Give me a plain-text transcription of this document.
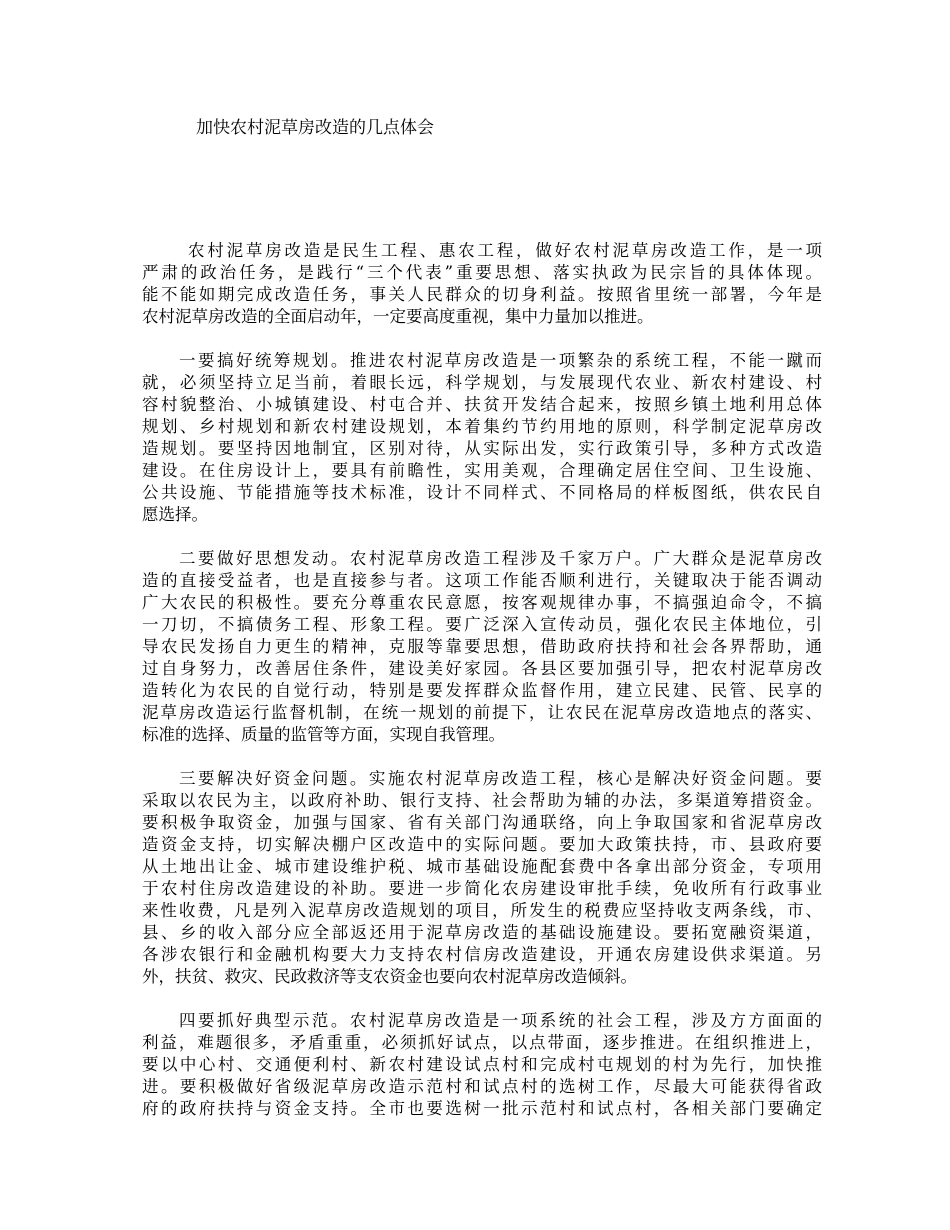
加快农村泥草房改造的几点体会

农村泥草房改造是民生工程、惠农工程，做好农村泥草房改造工作，是一项
严肃的政治任务，是践行“三个代表”重要思想、落实执政为民宗旨的具体体现。
能不能如期完成改造任务，事关人民群众的切身利益。按照省里统一部署，今年是
农村泥草房改造的全面启动年，一定要高度重视，集中力量加以推进。

一要搞好统筹规划。推进农村泥草房改造是一项繁杂的系统工程，不能一蹴而
就，必须坚持立足当前，着眼长远，科学规划，与发展现代农业、新农村建设、村
容村貌整治、小城镇建设、村屯合并、扶贫开发结合起来，按照乡镇土地利用总体
规划、乡村规划和新农村建设规划，本着集约节约用地的原则，科学制定泥草房改
造规划。要坚持因地制宜，区别对待，从实际出发，实行政策引导，多种方式改造
建设。在住房设计上，要具有前瞻性，实用美观，合理确定居住空间、卫生设施、
公共设施、节能措施等技术标准，设计不同样式、不同格局的样板图纸，供农民自
愿选择。

二要做好思想发动。农村泥草房改造工程涉及千家万户。广大群众是泥草房改
造的直接受益者，也是直接参与者。这项工作能否顺利进行，关键取决于能否调动
广大农民的积极性。要充分尊重农民意愿，按客观规律办事，不搞强迫命令，不搞
一刀切，不搞债务工程、形象工程。要广泛深入宣传动员，强化农民主体地位，引
导农民发扬自力更生的精神，克服等靠要思想，借助政府扶持和社会各界帮助，通
过自身努力，改善居住条件，建设美好家园。各县区要加强引导，把农村泥草房改
造转化为农民的自觉行动，特别是要发挥群众监督作用，建立民建、民管、民享的
泥草房改造运行监督机制，在统一规划的前提下，让农民在泥草房改造地点的落实、
标准的选择、质量的监管等方面，实现自我管理。

三要解决好资金问题。实施农村泥草房改造工程，核心是解决好资金问题。要
采取以农民为主，以政府补助、银行支持、社会帮助为辅的办法，多渠道筹措资金。
要积极争取资金，加强与国家、省有关部门沟通联络，向上争取国家和省泥草房改
造资金支持，切实解决棚户区改造中的实际问题。要加大政策扶持，市、县政府要
从土地出让金、城市建设维护税、城市基础设施配套费中各拿出部分资金，专项用
于农村住房改造建设的补助。要进一步简化农房建设审批手续，免收所有行政事业
来性收费，凡是列入泥草房改造规划的项目，所发生的税费应坚持收支两条线，市、
县、乡的收入部分应全部返还用于泥草房改造的基础设施建设。要拓宽融资渠道，
各涉农银行和金融机构要大力支持农村信房改造建设，开通农房建设供求渠道。另
外，扶贫、救灾、民政救济等支农资金也要向农村泥草房改造倾斜。

四要抓好典型示范。农村泥草房改造是一项系统的社会工程，涉及方方面面的
利益，难题很多，矛盾重重，必须抓好试点，以点带面，逐步推进。在组织推进上，
要以中心村、交通便利村、新农村建设试点村和完成村屯规划的村为先行，加快推
进。要积极做好省级泥草房改造示范村和试点村的选树工作，尽最大可能获得省政
府的政府扶持与资金支持。全市也要选树一批示范村和试点村，各相关部门要确定
